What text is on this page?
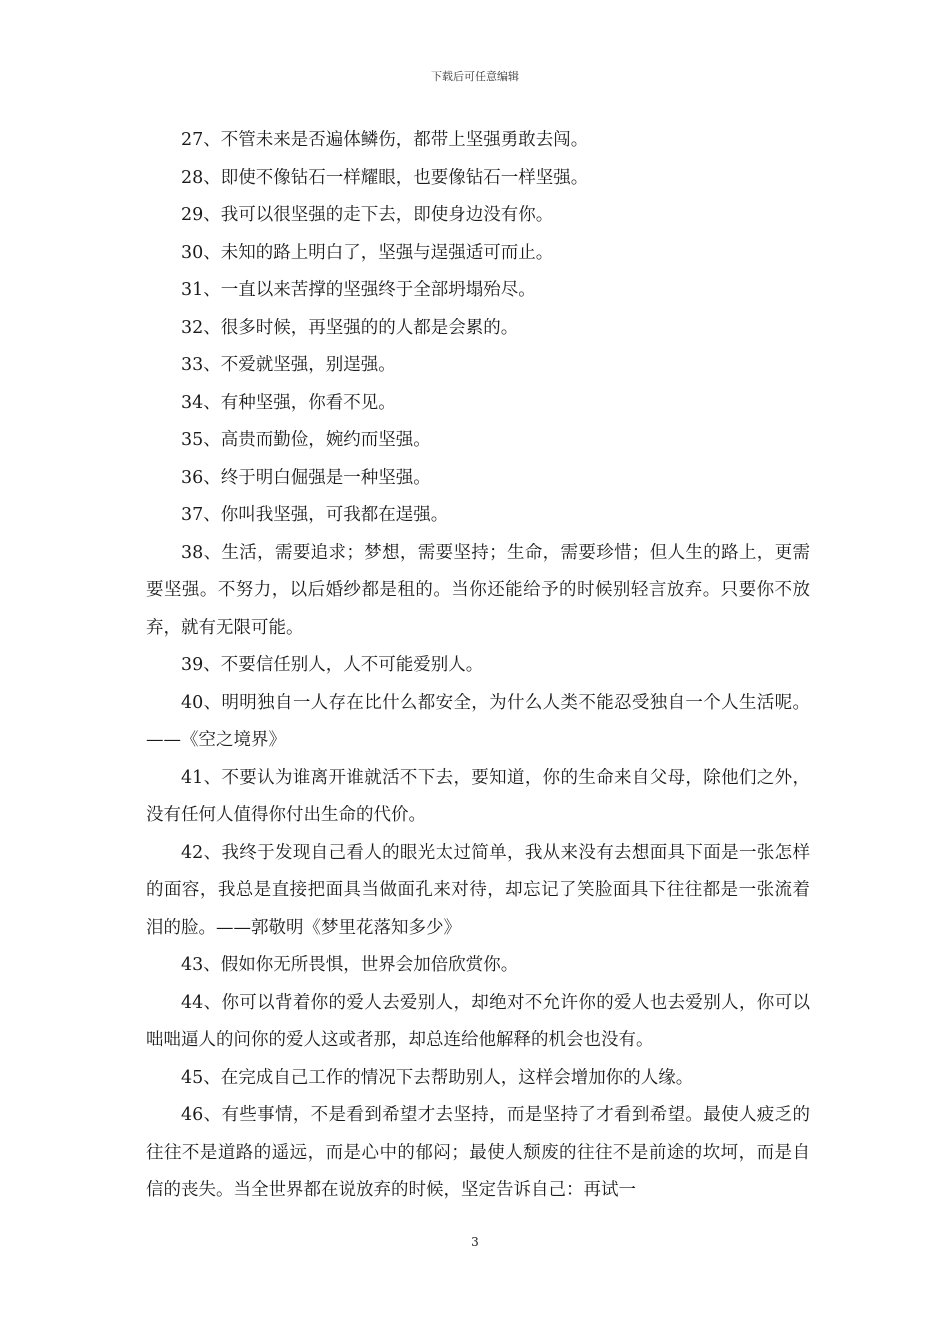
下载后可任意编辑

27、不管未来是否遍体鳞伤，都带上坚强勇敢去闯。

28、即使不像钻石一样耀眼，也要像钻石一样坚强。

29、我可以很坚强的走下去，即使身边没有你。

30、未知的路上明白了，坚强与逞强适可而止。

31、一直以来苦撑的坚强终于全部坍塌殆尽。

32、很多时候，再坚强的的人都是会累的。

33、不爱就坚强，别逞强。

34、有种坚强，你看不见。

35、高贵而勤俭，婉约而坚强。

36、终于明白倔强是一种坚强。

37、你叫我坚强，可我都在逞强。

38、生活，需要追求；梦想，需要坚持；生命，需要珍惜；但人生的路上，更需要坚强。不努力，以后婚纱都是租的。当你还能给予的时候别轻言放弃。只要你不放弃，就有无限可能。

39、不要信任别人，人不可能爱别人。

40、明明独自一人存在比什么都安全，为什么人类不能忍受独自一个人生活呢。——《空之境界》

41、不要认为谁离开谁就活不下去，要知道，你的生命来自父母，除他们之外，没有任何人值得你付出生命的代价。

42、我终于发现自己看人的眼光太过简单，我从来没有去想面具下面是一张怎样的面容，我总是直接把面具当做面孔来对待，却忘记了笑脸面具下往往都是一张流着泪的脸。——郭敬明《梦里花落知多少》

43、假如你无所畏惧，世界会加倍欣赏你。

44、你可以背着你的爱人去爱别人，却绝对不允许你的爱人也去爱别人，你可以咄咄逼人的问你的爱人这或者那，却总连给他解释的机会也没有。

45、在完成自己工作的情况下去帮助别人，这样会增加你的人缘。

46、有些事情，不是看到希望才去坚持，而是坚持了才看到希望。最使人疲乏的往往不是道路的遥远，而是心中的郁闷；最使人颓废的往往不是前途的坎坷，而是自信的丧失。当全世界都在说放弃的时候，坚定告诉自己：再试一

3
